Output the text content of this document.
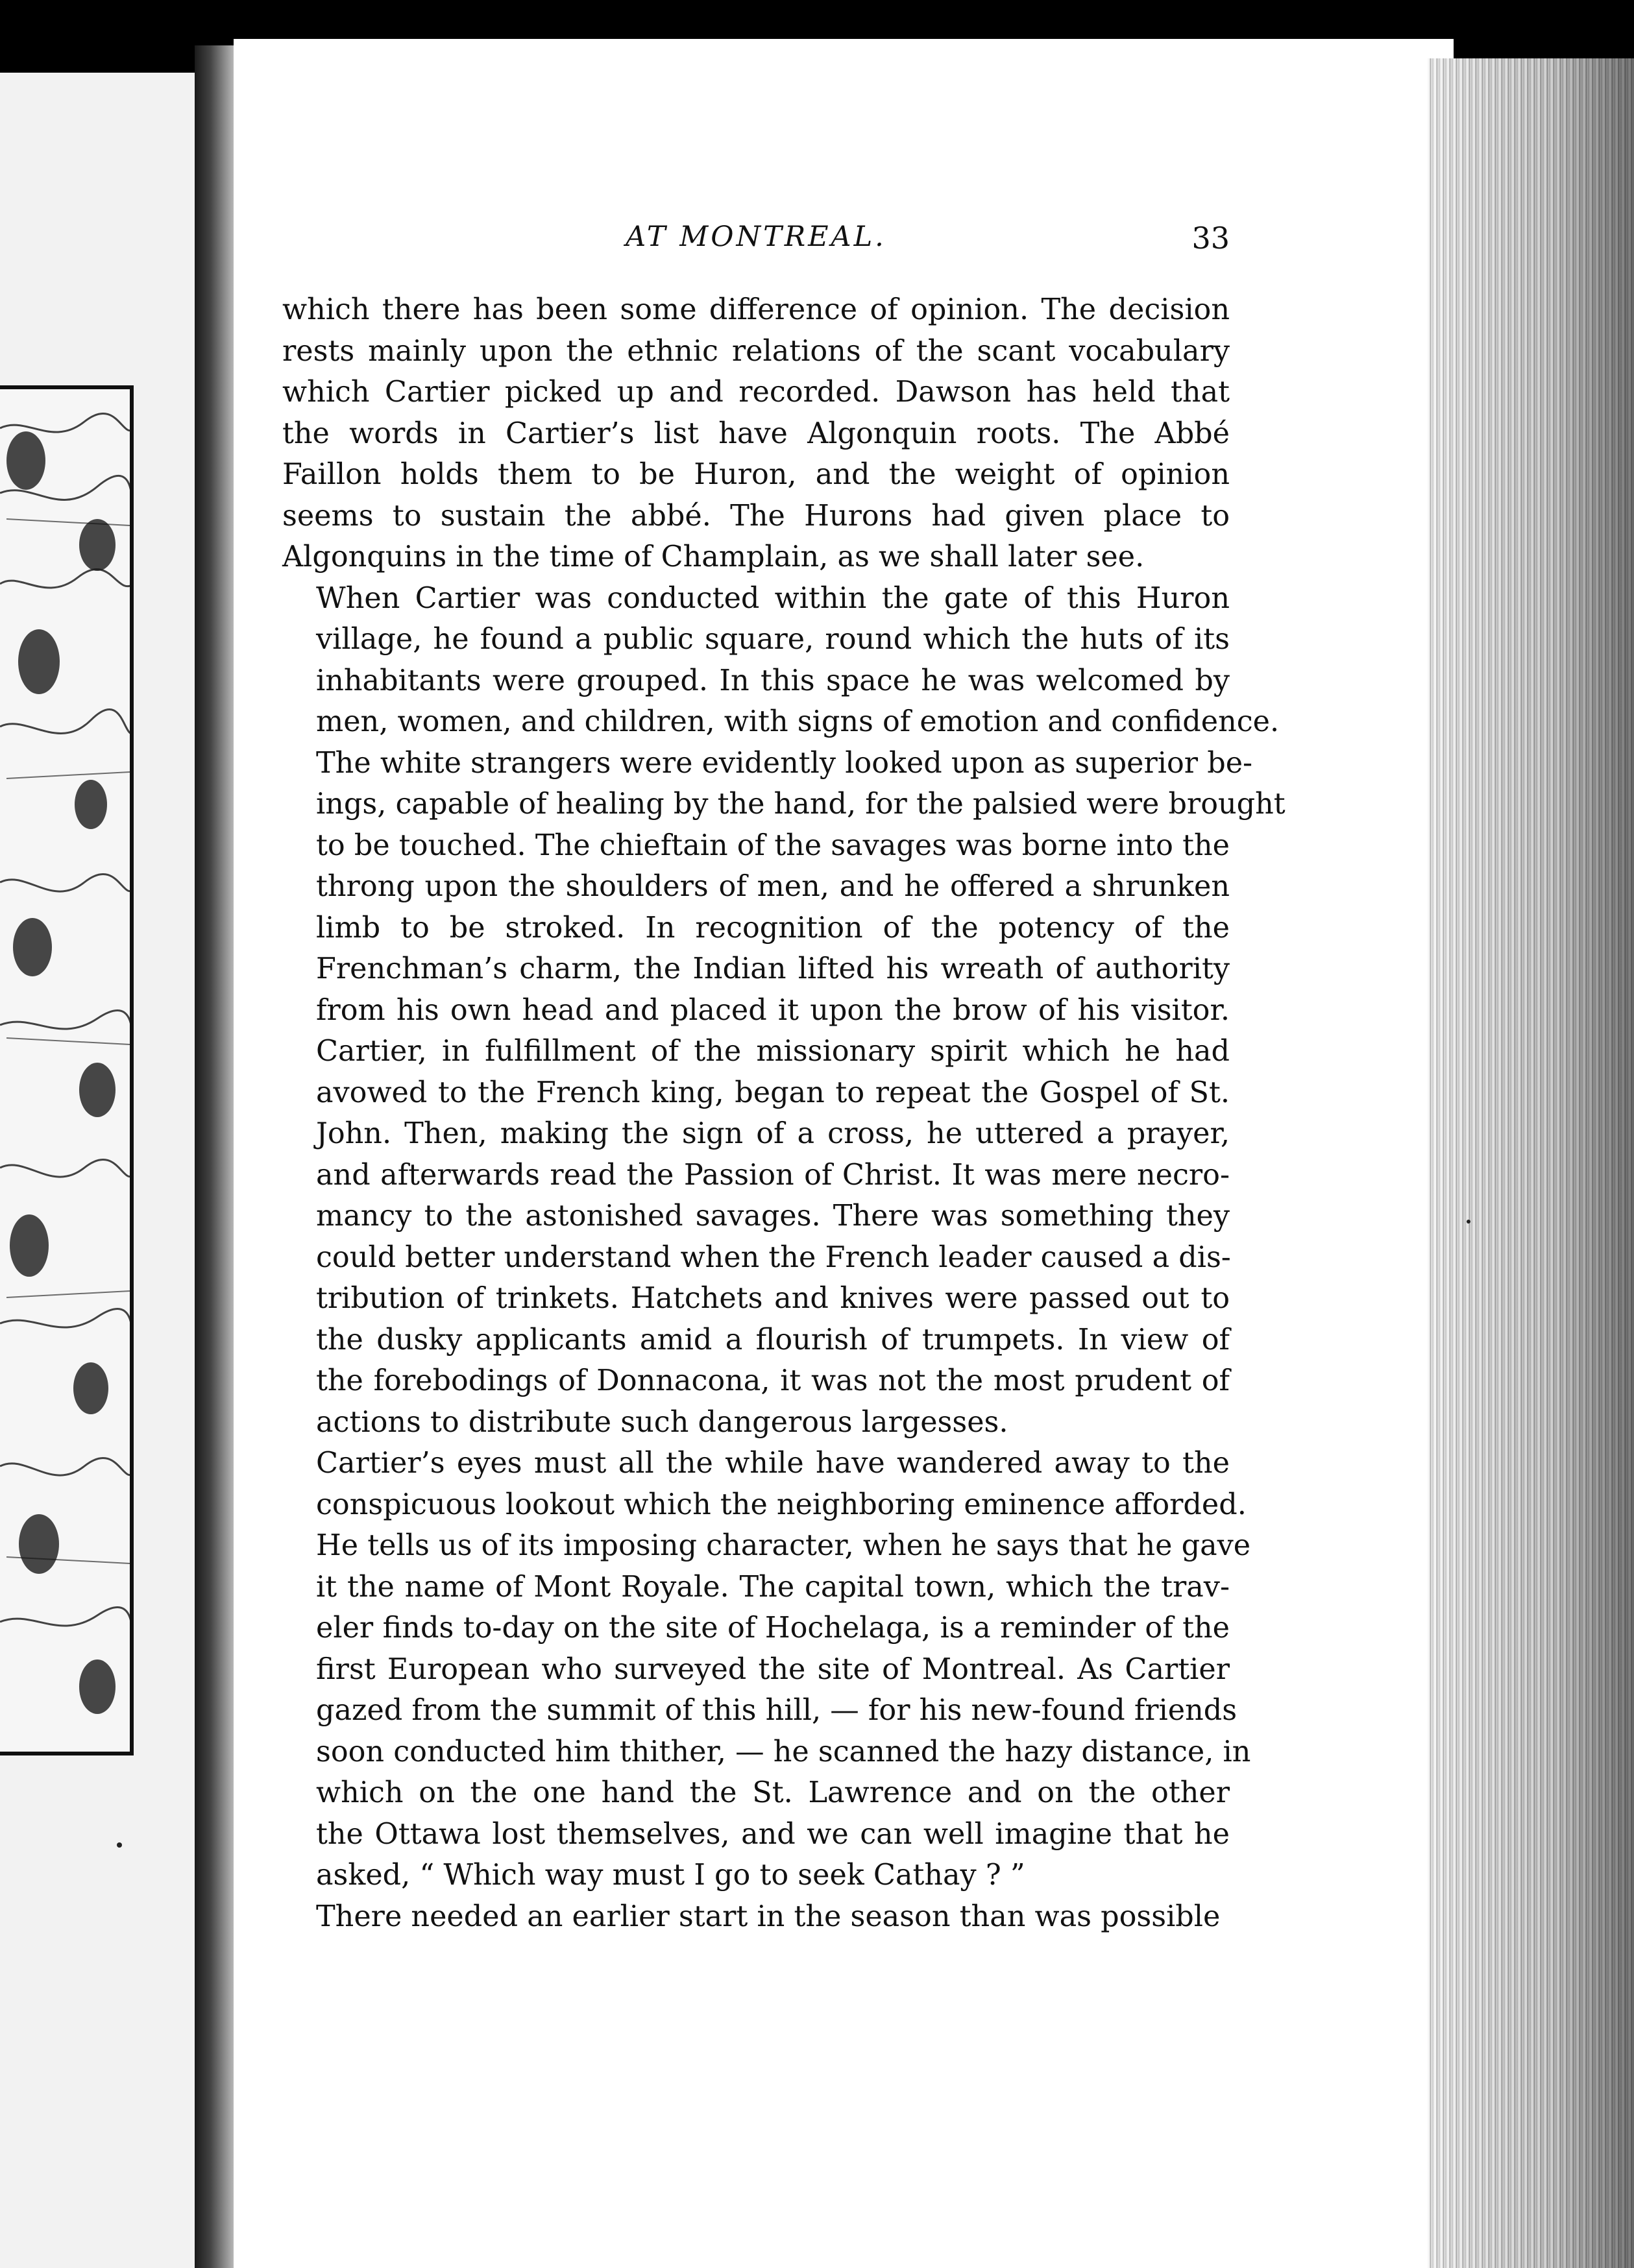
AT MONTREAL.	33

which there has been some difference of opinion. The decision
rests mainly upon the ethnic relations of the scant vocabulary
which Cartier picked up and recorded. Dawson has held that
the words in Cartier’s list have Algonquin roots. The Abbé
Faillon holds them to be Huron, and the weight of opinion
seems to sustain the abbé. The Hurons had given place to
Algonquins in the time of Champlain, as we shall later see.

When Cartier was conducted within the gate of this Huron
village, he found a public square, round which the huts of its
inhabitants were grouped. In this space he was welcomed by
men, women, and children, with signs of emotion and confidence.
The white strangers were evidently looked upon as superior be-
ings, capable of healing by the hand, for the palsied were brought
to be touched. The chieftain of the savages was borne into the
throng upon the shoulders of men, and he offered a shrunken
limb to be stroked. In recognition of the potency of the
Frenchman’s charm, the Indian lifted his wreath of authority
from his own head and placed it upon the brow of his visitor.
Cartier, in fulfillment of the missionary spirit which he had
avowed to the French king, began to repeat the Gospel of St.
John. Then, making the sign of a cross, he uttered a prayer,
and afterwards read the Passion of Christ. It was mere necro-
mancy to the astonished savages. There was something they
could better understand when the French leader caused a dis-
tribution of trinkets. Hatchets and knives were passed out to
the dusky applicants amid a flourish of trumpets. In view of
the forebodings of Donnacona, it was not the most prudent of
actions to distribute such dangerous largesses.

Cartier’s eyes must all the while have wandered away to the
conspicuous lookout which the neighboring eminence afforded.
He tells us of its imposing character, when he says that he gave
it the name of Mont Royale. The capital town, which the trav-
eler finds to-day on the site of Hochelaga, is a reminder of the
first European who surveyed the site of Montreal. As Cartier
gazed from the summit of this hill, — for his new-found friends
soon conducted him thither, — he scanned the hazy distance, in
which on the one hand the St. Lawrence and on the other
the Ottawa lost themselves, and we can well imagine that he
asked, “ Which way must I go to seek Cathay ? ”

There needed an earlier start in the season than was possible
